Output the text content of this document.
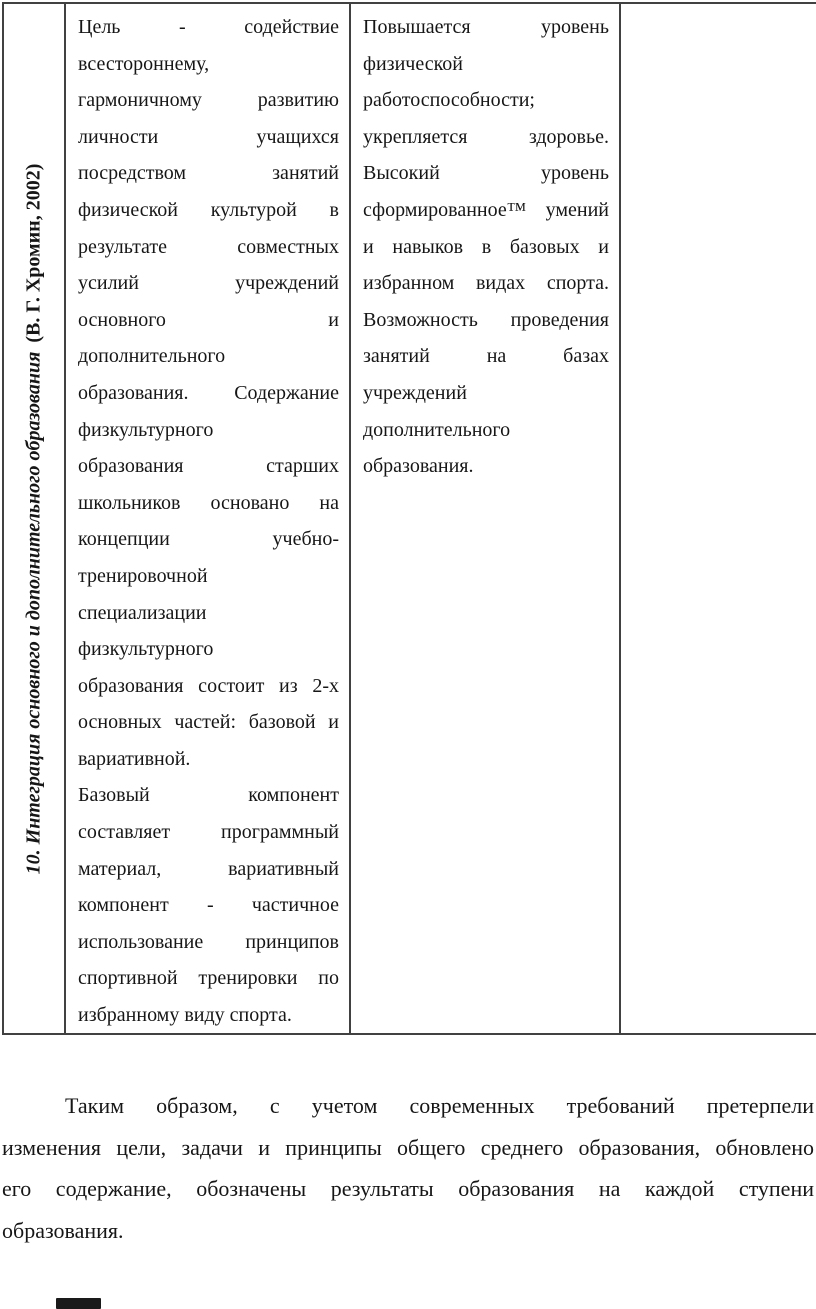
10. Интеграция основного и дополнительного образования(В. Г. Хромин, 2002)
Цель - содействие
всестороннему,
гармоничному развитию
личности учащихся
посредством занятий
физической культурой в
результате совместных
усилий учреждений
основного и
дополнительного
образования. Содержание
физкультурного
образования старших
школьников основано на
концепции учебно-
тренировочной
специализации
физкультурного
образования состоит из 2-х
основных частей: базовой и
вариативной.
Базовый компонент
составляет программный
материал, вариативный
компонент - частичное
использование принципов
спортивной тренировки по
избранному виду спорта.
Повышается уровень
физической
работоспособности;
укрепляется здоровье.
Высокий уровень
сформированное™ умений
и навыков в базовых и
избранном видах спорта.
Возможность проведения
занятий на базах
учреждений
дополнительного
образования.
Таким образом, с учетом современных требований претерпели
изменения цели, задачи и принципы общего среднего образования, обновлено
его содержание, обозначены результаты образования на каждой ступени
образования.
